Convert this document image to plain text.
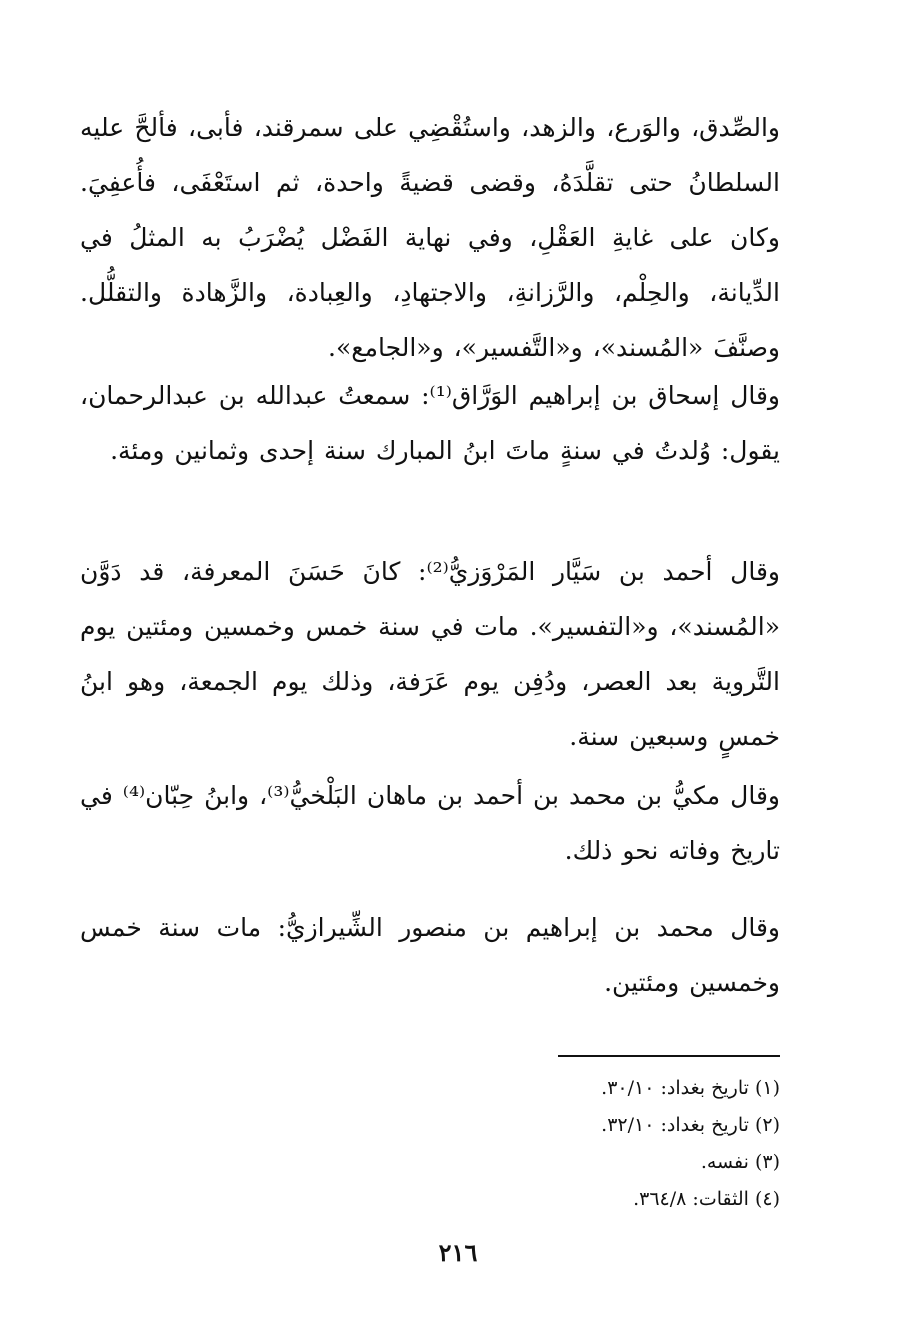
والصِّدق، والوَرع، والزهد، واستُقْضِي على سمرقند، فأبى، فألحَّ عليه السلطانُ حتى تقلَّدَهُ، وقضى قضيةً واحدة، ثم استَعْفَى، فأُعفِيَ. وكان على غايةِ العَقْلِ، وفي نهاية الفَضْل يُضْرَبُ به المثلُ في الدِّيانة، والحِلْم، والرَّزانةِ، والاجتهادِ، والعِبادة، والزَّهادة والتقلُّل. وصنَّفَ «المُسند»، و«التَّفسير»، و«الجامع».

وقال إسحاق بن إبراهيم الوَرَّاق⁽¹⁾: سمعتُ عبدالله بن عبدالرحمان، يقول: وُلدتُ في سنةٍ ماتَ ابنُ المبارك سنة إحدى وثمانين ومئة.

وقال أحمد بن سَيَّار المَرْوَزيُّ⁽²⁾: كانَ حَسَنَ المعرفة، قد دَوَّن «المُسند»، و«التفسير». مات في سنة خمس وخمسين ومئتين يوم التَّروية بعد العصر، ودُفِن يوم عَرَفة، وذلك يوم الجمعة، وهو ابنُ خمسٍ وسبعين سنة.

وقال مكيُّ بن محمد بن أحمد بن ماهان البَلْخيُّ⁽³⁾، وابنُ حِبّان⁽⁴⁾ في تاريخ وفاته نحو ذلك.

وقال محمد بن إبراهيم بن منصور الشِّيرازيُّ: مات سنة خمس وخمسين ومئتين.

(١) تاريخ بغداد: ٣٠/١٠.
(٢) تاريخ بغداد: ٣٢/١٠.
(٣) نفسه.
(٤) الثقات: ٣٦٤/٨.
٢١٦
